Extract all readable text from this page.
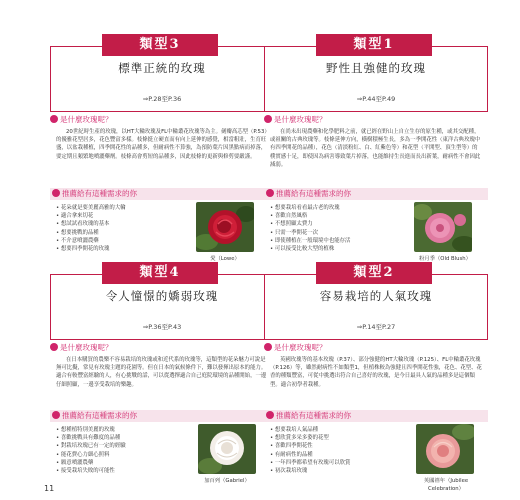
類型3
標準正統的玫瑰
⇒P.28至P.36
是什麼玫瑰呢？
20世紀時生產的玫瑰，以HT大輪玫瑰及FL中輪叢花玫瑰等為主。劍瓣高芯型（P.53）的優雅花型居多，花色豐富多樣。枝條挺立硬直而有向上延伸的感覺，相當粗壯，生育旺盛，以盆栽種植，四季開花性的品種多，但耐病性不算強，為預防葉片因黑點病而掉落，要定期且頻繁地噴灑藥劑。枝條高會剪短的品種多，因此枝條的更新與修剪要嚴謹。
推薦給有這種需求的你
• 花朵就是要美麗高雅的大輪
• 適合拿來切花
• 想試試看玫瑰的基本
• 想要挑戰的品種
• 不介意噴灑農藥
• 想要四季開花的玫瑰
愛（Lowe）
類型1
野性且強健的玫瑰
⇒P.44至P.49
是什麼玫瑰呢？
在尚未出現農藥和化學肥料之前，就已經在野山上自立生存的原生種，或其交配種，或祖關的古典玫瑰等。枝條延伸方向，橫樹積極生長，多為一季開花性（東洋古典玫瑰中有四季開花的品種），花色（清淡粉紅、白、紅紫色等）和花型（平開型、頂生型等）的樸實感十足，即使因為病害導致葉片掉落，也能維持生長進而長出新葉，耐病性不會因此減弱。
推薦給有這種需求的你
• 想要栽培看看最古老的玫瑰
• 喜歡自然風格
• 不想照顧太費力
• 只需一季開花一次
• 即使種植在一般環境中也能存活
• 可以接受比較大型的植株
粉月季（Old Blush）
類型4
令人憧憬的嬌弱玫瑰
⇒P.36至P.43
是什麼玫瑰呢？
在日本購買的農樂不容易栽培的玫瑰或和近代系的玫瑰等，這類型的花朵魅力可說是無可比擬，常見有玫瑰主題的花園等。但在日本的氣候條件下，難以發揮出原本的能力。適合有較豐富經驗的人，有心挑戰的話，可以從選擇適合自己庭院環境的品種開始，一邊仔細照顧，一邊享受栽培的樂趣。
推薦給有這種需求的你
• 想種植特別美麗的玫瑰
• 喜歡挑戰具有難度的品種
• 對栽培玫瑰已有一定的經驗
• 能花費心力細心照料
• 願意噴灑農藥
• 接受栽培失敗的可能性
加百列（Gabriel）
類型2
容易栽培的人氣玫瑰
⇒P.14至P.27
是什麼玫瑰呢？
英國玫瑰等的基本玫瑰（P.37）、部分強健的HT大輪玫瑰（P.125）、FL中輪叢花玫瑰（P.126）等，雖然耐病性不如類型1，但植株較為強健且四季開花性強，花色、花型、花香的種類豐富，可從中挑選出符合自己喜好的玫瑰，是今日最具人氣的品種多是這個類型。適合初學者栽種。
推薦給有這種需求的你
• 想要栽培人氣品種
• 想欣賞多采多姿的花型
• 喜歡四季開花性
• 有耐病性的品種
• 一年四季都希望有玫瑰可以欣賞
• 初次栽培玫瑰
英國禧年（Jubilee Celebration）
11
